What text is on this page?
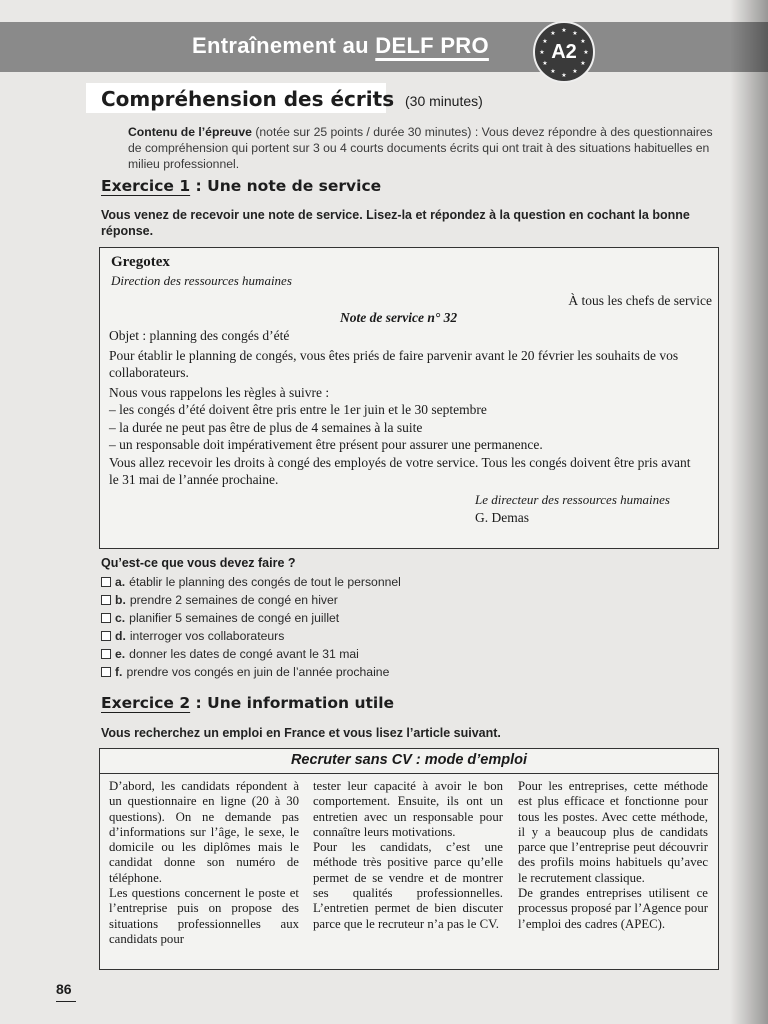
Entraînement au DELF PRO
★ ★
★
★
★
★
★
★
★
★
★
★
A2
Compréhension des écrits (30 minutes)
Contenu de l’épreuve (notée sur 25 points / durée 30 minutes) : Vous devez répondre à des questionnaires de compréhension qui portent sur 3 ou 4 courts documents écrits qui ont trait à des situations habituelles en milieu professionnel.
Exercice 1 : Une note de service
Vous venez de recevoir une note de service. Lisez-la et répondez à la question en cochant la bonne réponse.
Gregotex
Direction des ressources humaines
À tous les chefs de service
Note de service n° 32

Objet : planning des congés d’été

Pour établir le planning de congés, vous êtes priés de faire parvenir avant le 20 février les souhaits de vos collaborateurs.

Nous vous rappelons les règles à suivre :

– les congés d’été doivent être pris entre le 1er juin et le 30 septembre

– la durée ne peut pas être de plus de 4 semaines à la suite

– un responsable doit impérativement être présent pour assurer une permanence.

Vous allez recevoir les droits à congé des employés de votre service. Tous les congés doivent être pris avant le 31 mai de l’année prochaine.

Le directeur des ressources humaines
G. Demas
Qu’est-ce que vous devez faire ?
a. établir le planning des congés de tout le personnel
b. prendre 2 semaines de congé en hiver
c. planifier 5 semaines de congé en juillet
d. interroger vos collaborateurs
e. donner les dates de congé avant le 31 mai
f. prendre vos congés en juin de l’année prochaine
Exercice 2 : Une information utile
Vous recherchez un emploi en France et vous lisez l’article suivant.
Recruter sans CV : mode d’emploi

D’abord, les candidats répondent à un questionnaire en ligne (20 à 30 questions). On ne demande pas d’informations sur l’âge, le sexe, le domicile ou les diplômes mais le candidat donne son numéro de téléphone.

Les questions concernent le poste et l’entreprise puis on propose des situations professionnelles aux candidats pour

tester leur capacité à avoir le bon comportement. Ensuite, ils ont un entretien avec un responsable pour connaître leurs motivations.

Pour les candidats, c’est une méthode très positive parce qu’elle permet de se vendre et de montrer ses qualités professionnelles. L’entretien permet de bien discuter parce que le recruteur n’a pas le CV.

Pour les entreprises, cette méthode est plus efficace et fonctionne pour tous les postes. Avec cette méthode, il y a beaucoup plus de candidats parce que l’entreprise peut découvrir des profils moins habituels qu’avec le recrutement classique.

De grandes entreprises utilisent ce processus proposé par l’Agence pour l’emploi des cadres (APEC).

86
